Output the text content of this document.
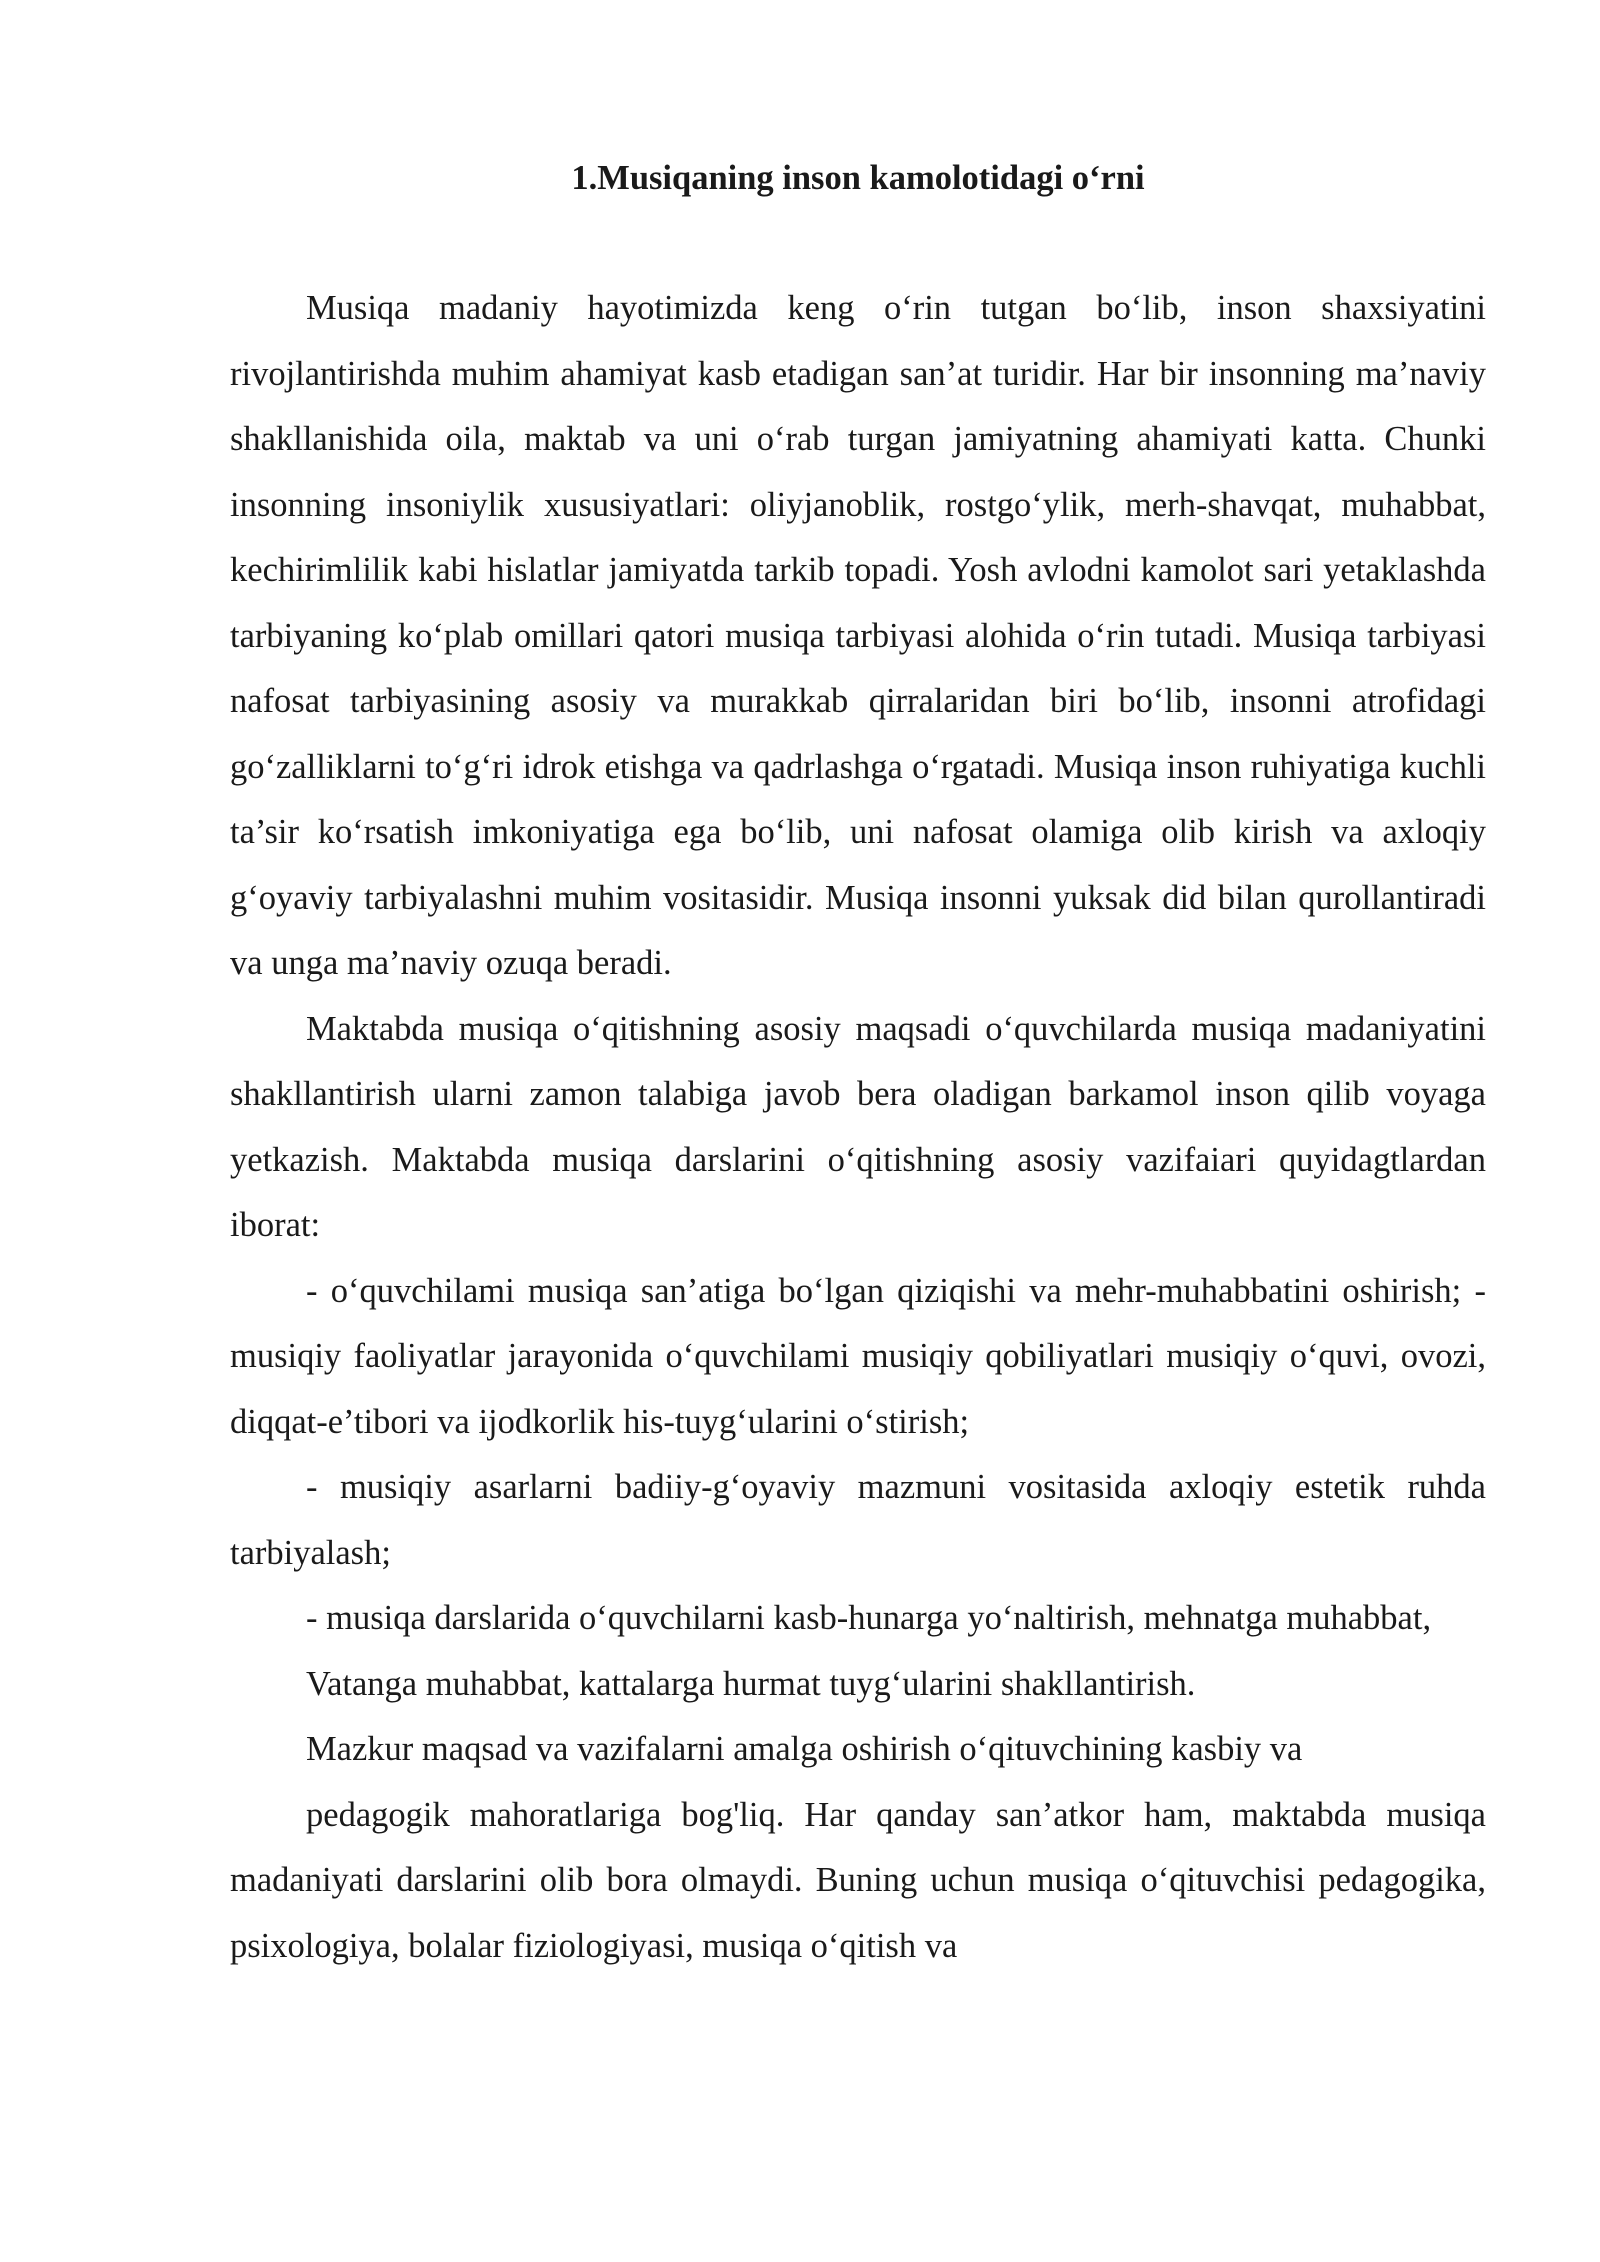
1.Musiqaning inson kamolotidagi o‘rni

Musiqa madaniy hayotimizda keng o‘rin tutgan bo‘lib, inson shaxsiyatini rivojlantirishda muhim ahamiyat kasb etadigan san’at turidir. Har bir insonning ma’naviy shakllanishida oila, maktab va uni o‘rab turgan jamiyatning ahamiyati katta. Chunki insonning insoniylik xususiyatlari: oliyjanoblik, rostgo‘ylik, merh-shavqat, muhabbat, kechirimlilik kabi hislatlar jamiyatda tarkib topadi. Yosh avlodni kamolot sari yetaklashda tarbiyaning ko‘plab omillari qatori musiqa tarbiyasi alohida o‘rin tutadi. Musiqa tarbiyasi nafosat tarbiyasining asosiy va murakkab qirralaridan biri bo‘lib, insonni atrofidagi go‘zalliklarni to‘g‘ri idrok etishga va qadrlashga o‘rgatadi. Musiqa inson ruhiyatiga kuchli ta’sir ko‘rsatish imkoniyatiga ega bo‘lib, uni nafosat olamiga olib kirish va axloqiy g‘oyaviy tarbiyalashni muhim vositasidir. Musiqa insonni yuksak did bilan qurollantiradi va unga ma’naviy ozuqa beradi.

Maktabda musiqa o‘qitishning asosiy maqsadi o‘quvchilarda musiqa madaniyatini shakllantirish ularni zamon talabiga javob bera oladigan barkamol inson qilib voyaga yetkazish. Maktabda musiqa darslarini o‘qitishning asosiy vazifaiari quyidagtlardan iborat:

- o‘quvchilami musiqa san’atiga bo‘lgan qiziqishi va mehr-muhabbatini oshirish; - musiqiy faoliyatlar jarayonida o‘quvchilami musiqiy qobiliyatlari musiqiy o‘quvi, ovozi, diqqat-e’tibori va ijodkorlik his-tuyg‘ularini o‘stirish;

- musiqiy asarlarni badiiy-g‘oyaviy mazmuni vositasida axloqiy estetik ruhda tarbiyalash;

- musiqa darslarida o‘quvchilarni kasb-hunarga yo‘naltirish, mehnatga muhabbat,

Vatanga muhabbat, kattalarga hurmat tuyg‘ularini shakllantirish.

Mazkur maqsad va vazifalarni amalga oshirish o‘qituvchining kasbiy va

pedagogik mahoratlariga bog'liq. Har qanday san’atkor ham, maktabda musiqa madaniyati darslarini olib bora olmaydi. Buning uchun musiqa o‘qituvchisi pedagogika, psixologiya, bolalar fiziologiyasi, musiqa o‘qitish va
